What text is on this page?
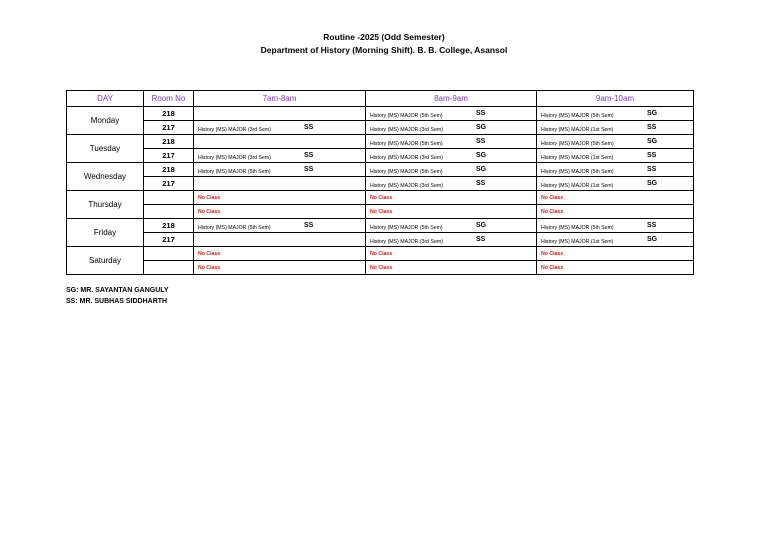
Routine -2025 (Odd Semester)
Department of History (Morning Shift). B. B. College, Asansol
DAY	Room No	7am-8am	8am-9am	9am-10am
Monday	218		History (MS) MAJOR (5th Sem) SS	History (MS) MAJOR (5th Sem) SG

	217	History (MS) MAJOR (3rd Sem) SS	History (MS) MAJOR (3rd Sem) SG	History (MS) MAJOR (1st Sem) SS

Tuesday	218		History (MS) MAJOR (5th Sem) SS	History (MS) MAJOR (5th Sem) SG

	217	History (MS) MAJOR (3rd Sem) SS	History (MS) MAJOR (3rd Sem) SG	History (MS) MAJOR (1st Sem) SS

Wednesday	218	History (MS) MAJOR (5th Sem) SS	History (MS) MAJOR (5th Sem) SG	History (MS) MAJOR (5th Sem) SS

	217		History (MS) MAJOR (3rd Sem) SS	History (MS) MAJOR (1st Sem) SG

Thursday		No Class	No Class	No Class
		No Class	No Class	No Class
Friday	218	History (MS) MAJOR (5th Sem) SS	History (MS) MAJOR (5th Sem) SG	History (MS) MAJOR (5th Sem) SS

	217		History (MS) MAJOR (3rd Sem) SS	History (MS) MAJOR (1st Sem) SG

Saturday		No Class	No Class	No Class
		No Class	No Class	No Class
SG: MR. SAYANTAN GANGULY
SS: MR. SUBHAS SIDDHARTH
